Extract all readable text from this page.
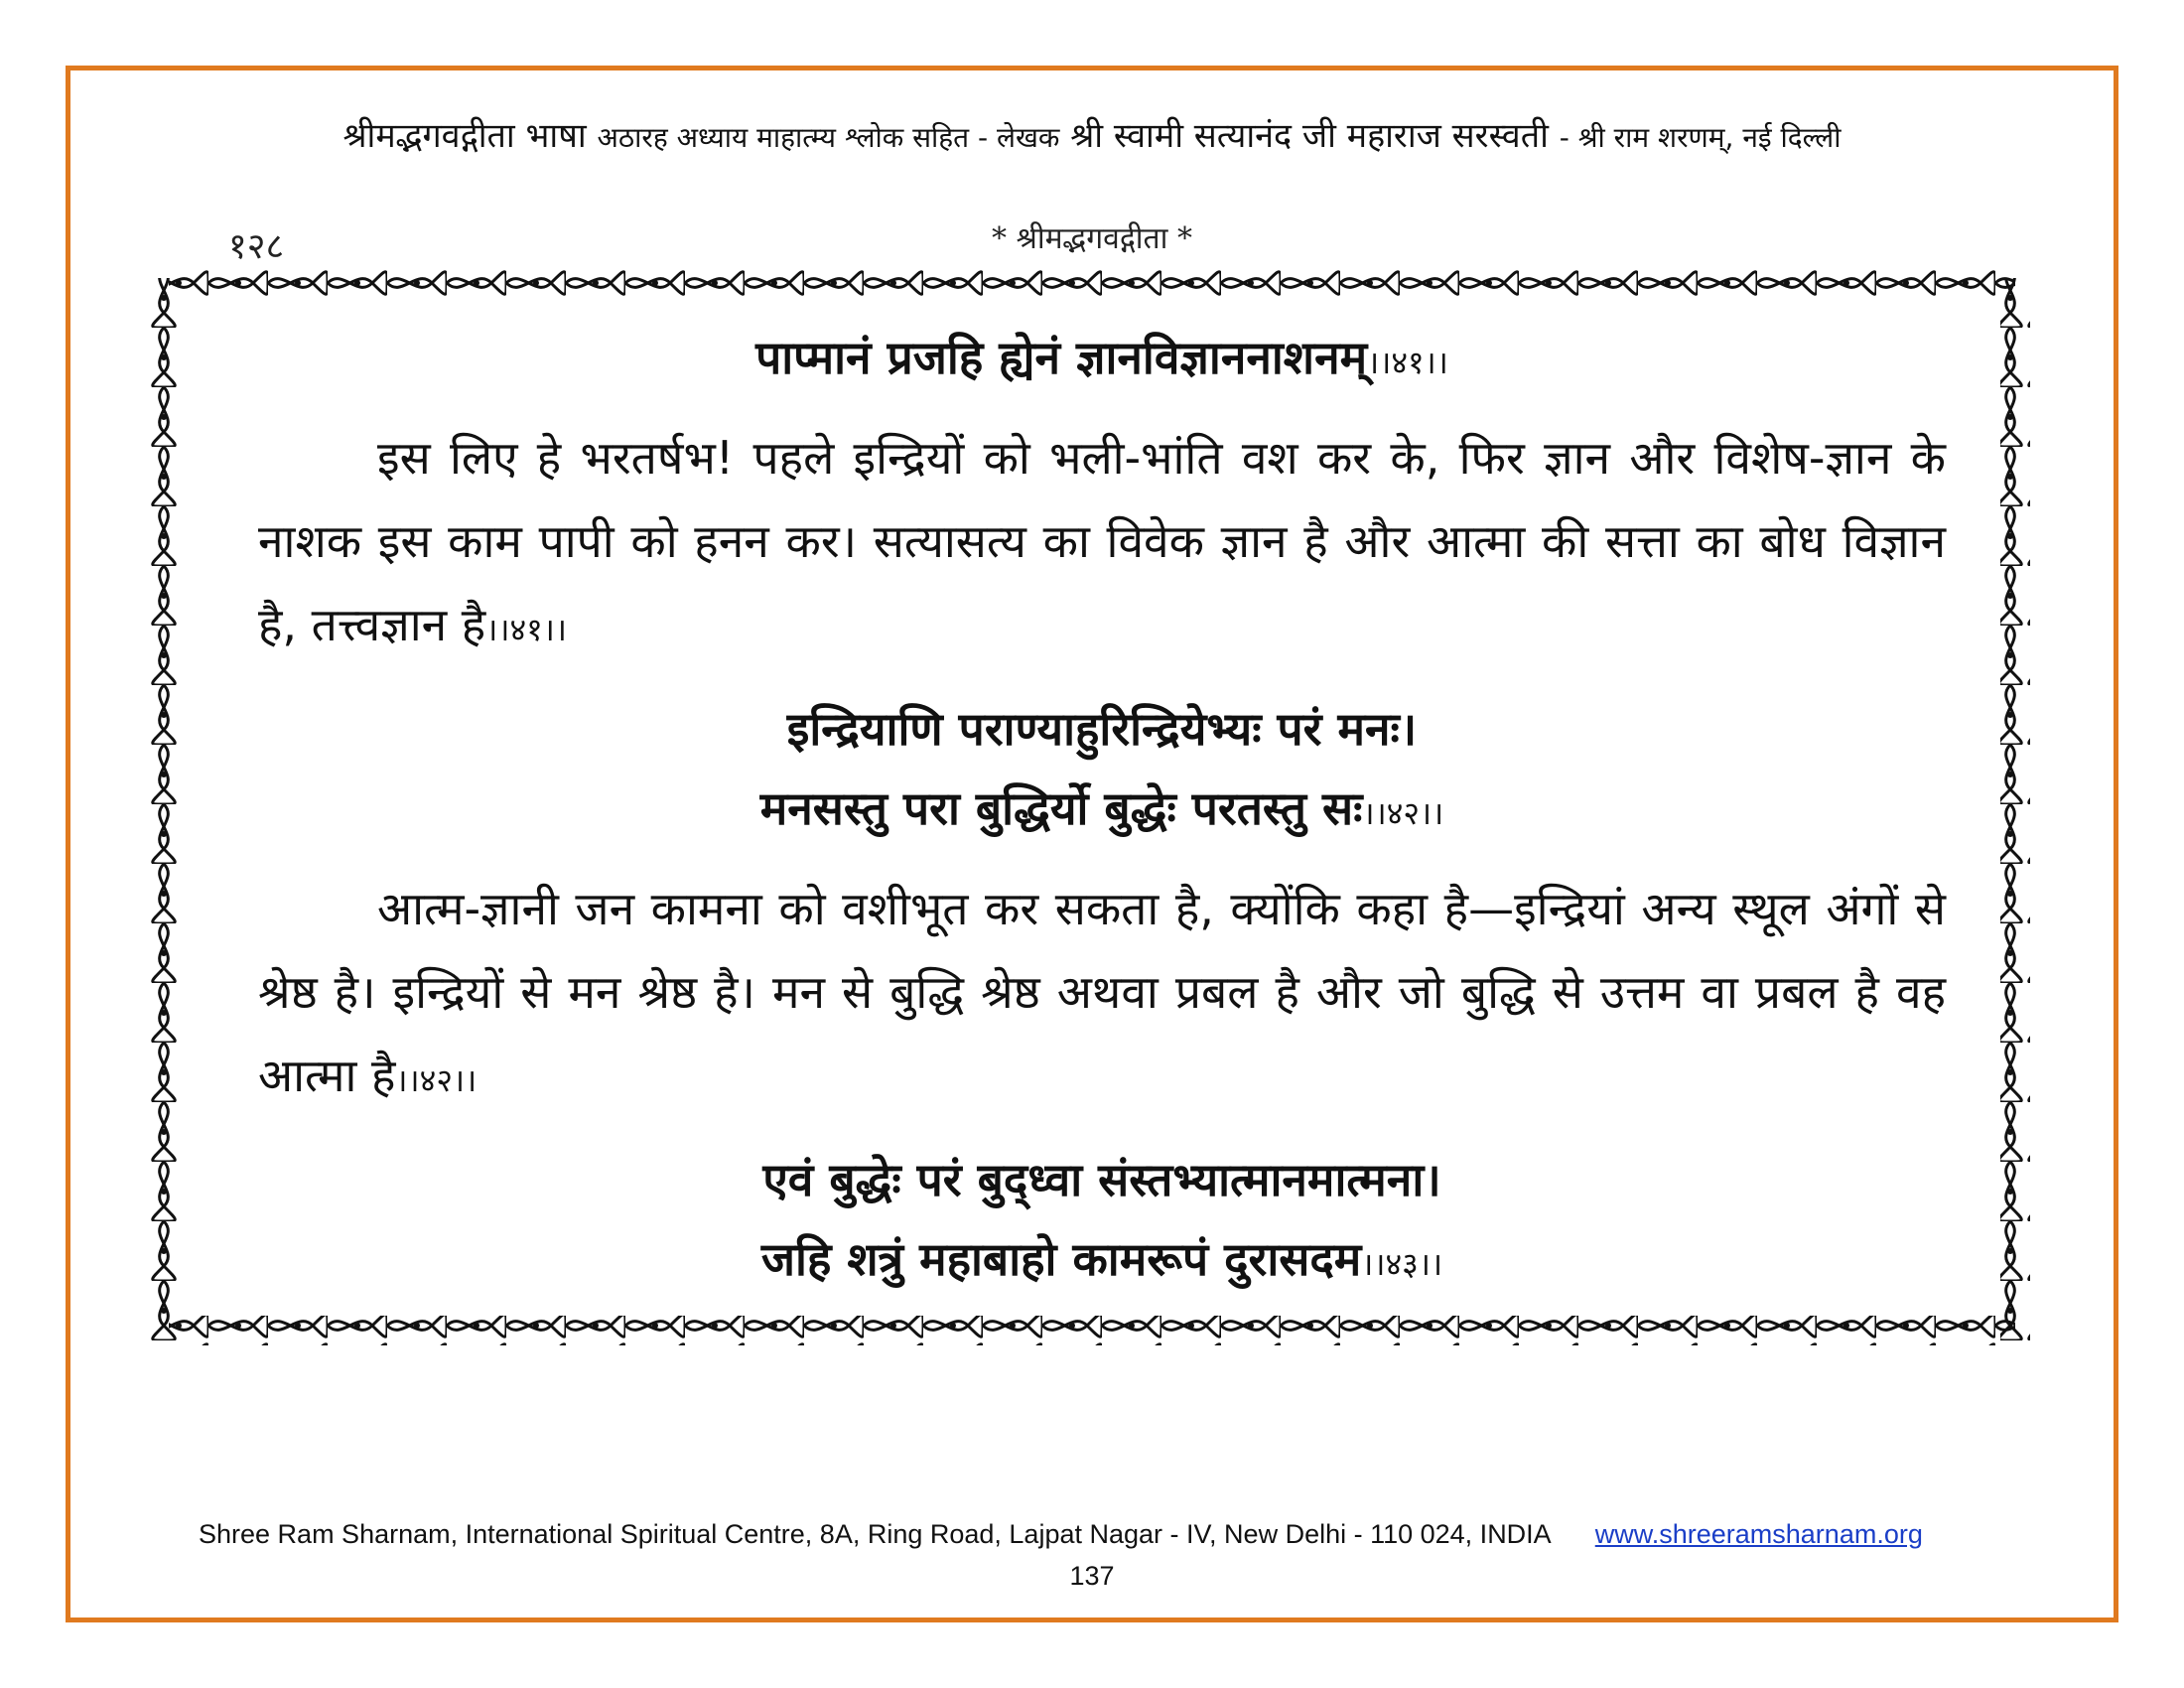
श्रीमद्भगवद्गीता भाषा अठारह अध्याय माहात्म्य श्लोक सहित - लेखक श्री स्वामी सत्यानंद जी महाराज सरस्वती - श्री राम शरणम्, नई दिल्ली
१२८	* श्रीमद्भगवद्गीता *

पाप्मानं प्रजहि ह्येनं ज्ञानविज्ञाननाशनम्।।४१।।

इस लिए हे भरतर्षभ! पहले इन्द्रियों को भली-भांति वश कर के, फिर ज्ञान और विशेष-ज्ञान के नाशक इस काम पापी को हनन कर। सत्यासत्य का विवेक ज्ञान है और आत्मा की सत्ता का बोध विज्ञान है, तत्त्वज्ञान है।।४१।।

इन्द्रियाणि पराण्याहुरिन्द्रियेभ्यः परं मनः।
मनसस्तु परा बुद्धिर्यो बुद्धेः परतस्तु सः।।४२।।

आत्म-ज्ञानी जन कामना को वशीभूत कर सकता है, क्योंकि कहा है—इन्द्रियां अन्य स्थूल अंगों से श्रेष्ठ है। इन्द्रियों से मन श्रेष्ठ है। मन से बुद्धि श्रेष्ठ अथवा प्रबल है और जो बुद्धि से उत्तम वा प्रबल है वह आत्मा है।।४२।।

एवं बुद्धेः परं बुद्ध्वा संस्तभ्यात्मानमात्मना।
जहि शत्रुं महाबाहो कामरूपं दुरासदम।।४३।।

Shree Ram Sharnam, International Spiritual Centre, 8A, Ring Road, Lajpat Nagar - IV, New Delhi - 110 024, INDIA www.shreeramsharnam.org
137
